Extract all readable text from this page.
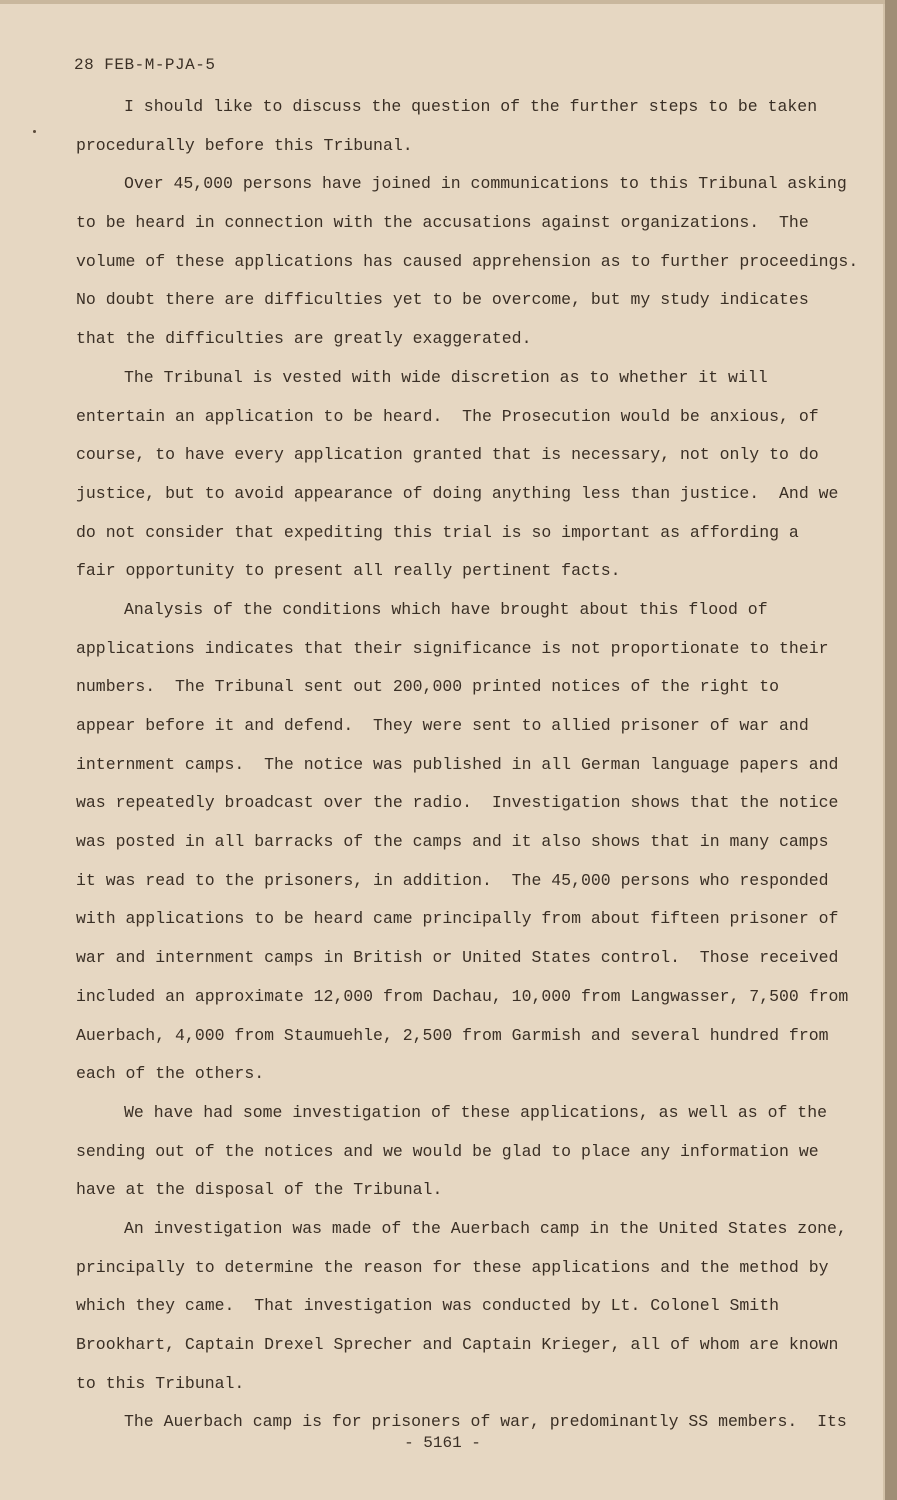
28 FEB-M-PJA-5
I should like to discuss the question of the further steps to be taken
procedurally before this Tribunal.
Over 45,000 persons have joined in communications to this Tribunal asking
to be heard in connection with the accusations against organizations.  The
volume of these applications has caused apprehension as to further proceedings.
No doubt there are difficulties yet to be overcome, but my study indicates
that the difficulties are greatly exaggerated.
The Tribunal is vested with wide discretion as to whether it will
entertain an application to be heard.  The Prosecution would be anxious, of
course, to have every application granted that is necessary, not only to do
justice, but to avoid appearance of doing anything less than justice.  And we
do not consider that expediting this trial is so important as affording a
fair opportunity to present all really pertinent facts.
Analysis of the conditions which have brought about this flood of
applications indicates that their significance is not proportionate to their
numbers.  The Tribunal sent out 200,000 printed notices of the right to
appear before it and defend.  They were sent to allied prisoner of war and
internment camps.  The notice was published in all German language papers and
was repeatedly broadcast over the radio.  Investigation shows that the notice
was posted in all barracks of the camps and it also shows that in many camps
it was read to the prisoners, in addition.  The 45,000 persons who responded
with applications to be heard came principally from about fifteen prisoner of
war and internment camps in British or United States control.  Those received
included an approximate 12,000 from Dachau, 10,000 from Langwasser, 7,500 from
Auerbach, 4,000 from Staumuehle, 2,500 from Garmish and several hundred from
each of the others.
We have had some investigation of these applications, as well as of the
sending out of the notices and we would be glad to place any information we
have at the disposal of the Tribunal.
An investigation was made of the Auerbach camp in the United States zone,
principally to determine the reason for these applications and the method by
which they came.  That investigation was conducted by Lt. Colonel Smith
Brookhart, Captain Drexel Sprecher and Captain Krieger, all of whom are known
to this Tribunal.
The Auerbach camp is for prisoners of war, predominantly SS members.  Its
- 5161 -
